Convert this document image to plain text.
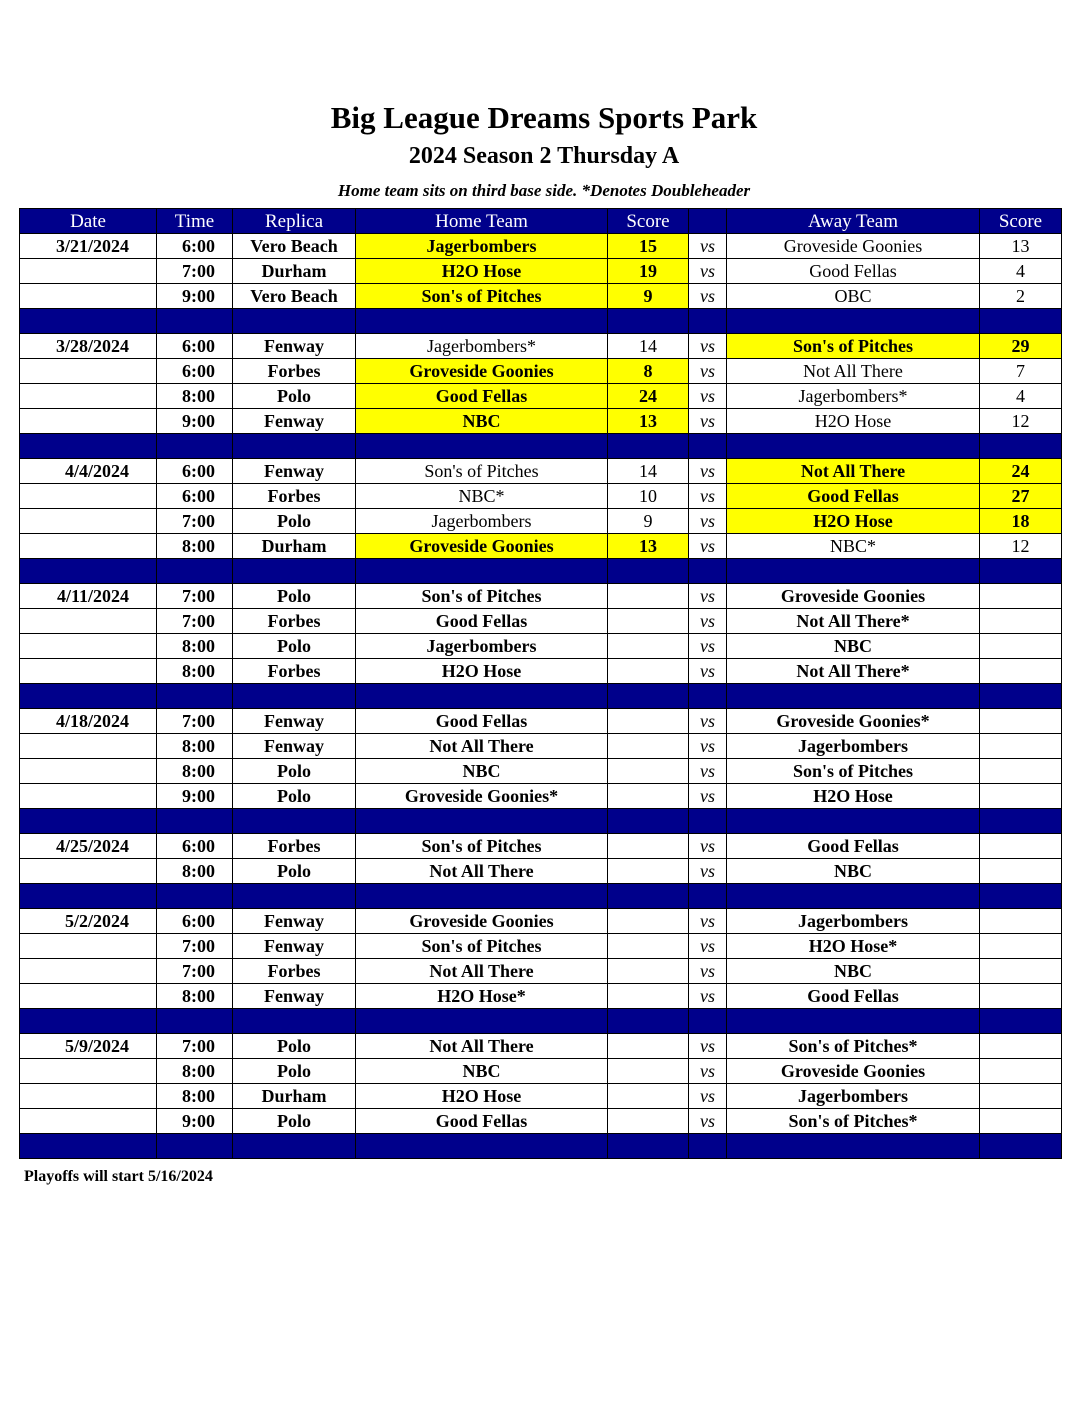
Big League Dreams Sports Park
2024 Season 2 Thursday A
Home team sits on third base side. *Denotes Doubleheader
Date	Time	Replica	Home Team	Score		Away Team	Score
3/21/2024	6:00	Vero Beach	Jagerbombers	15	vs	Groveside Goonies	13
	7:00	Durham	H2O Hose	19	vs	Good Fellas	4
	9:00	Vero Beach	Son's of Pitches	9	vs	OBC	2

3/28/2024	6:00	Fenway	Jagerbombers*	14	vs	Son's of Pitches	29
	6:00	Forbes	Groveside Goonies	8	vs	Not All There	7
	8:00	Polo	Good Fellas	24	vs	Jagerbombers*	4
	9:00	Fenway	NBC	13	vs	H2O Hose	12

4/4/2024	6:00	Fenway	Son's of Pitches	14	vs	Not All There	24
	6:00	Forbes	NBC*	10	vs	Good Fellas	27
	7:00	Polo	Jagerbombers	9	vs	H2O Hose	18
	8:00	Durham	Groveside Goonies	13	vs	NBC*	12

4/11/2024	7:00	Polo	Son's of Pitches		vs	Groveside Goonies	
	7:00	Forbes	Good Fellas		vs	Not All There*	
	8:00	Polo	Jagerbombers		vs	NBC	
	8:00	Forbes	H2O Hose		vs	Not All There*	

4/18/2024	7:00	Fenway	Good Fellas		vs	Groveside Goonies*	
	8:00	Fenway	Not All There		vs	Jagerbombers	
	8:00	Polo	NBC		vs	Son's of Pitches	
	9:00	Polo	Groveside Goonies*		vs	H2O Hose	

4/25/2024	6:00	Forbes	Son's of Pitches		vs	Good Fellas	
	8:00	Polo	Not All There		vs	NBC	

5/2/2024	6:00	Fenway	Groveside Goonies		vs	Jagerbombers	
	7:00	Fenway	Son's of Pitches		vs	H2O Hose*	
	7:00	Forbes	Not All There		vs	NBC	
	8:00	Fenway	H2O Hose*		vs	Good Fellas	

5/9/2024	7:00	Polo	Not All There		vs	Son's of Pitches*	
	8:00	Polo	NBC		vs	Groveside Goonies	
	8:00	Durham	H2O Hose		vs	Jagerbombers	
	9:00	Polo	Good Fellas		vs	Son's of Pitches*	

Playoffs will start 5/16/2024
